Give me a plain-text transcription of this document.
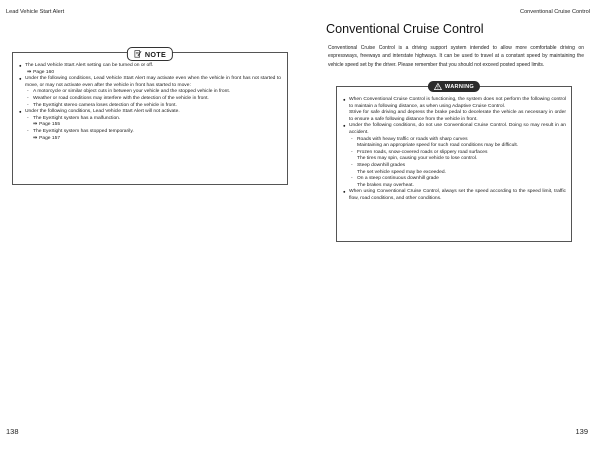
Lead Vehicle Start Alert
NOTE
● The Lead Vehicle Start Alert setting can be turned on or off.
⇒ Page 160
● Under the following conditions, Lead Vehicle Start Alert may activate even when the vehicle in front has not started to move, or may not activate even after the vehicle in front has started to move:
- A motorcycle or similar object cuts in between your vehicle and the stopped vehicle in front.
- Weather or road conditions may interfere with the detection of the vehicle in front.
- The EyeSight stereo camera loses detection of the vehicle in front.
● Under the following conditions, Lead Vehicle Start Alert will not activate.
- The EyeSight system has a malfunction.
⇒ Page 155
- The EyeSight system has stopped temporarily.
⇒ Page 157
138
Conventional Cruise Control
Conventional Cruise Control

Conventional Cruise Control is a driving support system intended to allow more comfortable driving on expressways, freeways and interstate highways. It can be used to travel at a constant speed by maintaining the vehicle speed set by the driver. Please remember that you should not exceed posted speed limits.

WARNING
● When Conventional Cruise Control is functioning, the system does not perform the following control to maintain a following distance, as when using Adaptive Cruise Control.
Strive for safe driving and depress the brake pedal to decelerate the vehicle as necessary in order to ensure a safe following distance from the vehicle in front.
● Under the following conditions, do not use Conventional Cruise Control. Doing so may result in an accident.
- Roads with heavy traffic or roads with sharp curves
Maintaining an appropriate speed for such road conditions may be difficult.
- Frozen roads, snow-covered roads or slippery road surfaces
The tires may spin, causing your vehicle to lose control.
- Steep downhill grades
The set vehicle speed may be exceeded.
- On a steep continuous downhill grade
The brakes may overheat.
● When using Conventional Cruise Control, always set the speed according to the speed limit, traffic flow, road conditions, and other conditions.
139
